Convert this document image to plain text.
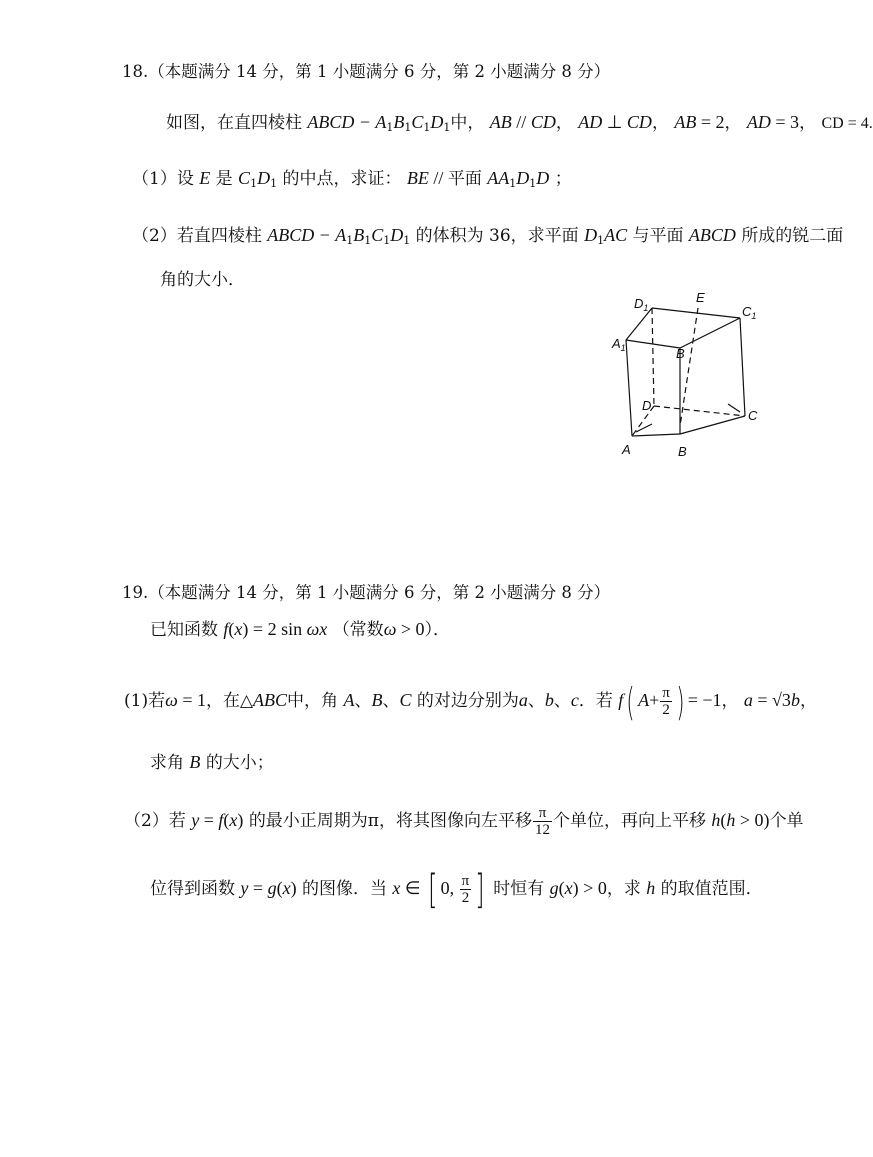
18.（本题满分 14 分，第 1 小题满分 6 分，第 2 小题满分 8 分）
如图，在直四棱柱 ABCD − $A_1B_1C_1D_1$中， AB // CD， AD ⊥ CD， AB = 2， AD = 3， CD = 4.
（1）设 E 是 $C_1D_1$ 的中点，求证： BE // 平面 $AA_1D_1D$ ；
（2）若直四棱柱 ABCD − $A_1B_1C_1D_1$ 的体积为 36，求平面 $D_1AC$ 与平面 ABCD 所成的锐二面
角的大小．
$D_1$
E
$C_1$
$A_1$	B
D
C
A	B
19.（本题满分 14 分，第 1 小题满分 6 分，第 2 小题满分 8 分）
已知函数 f(x) = 2 sin ωx （常数ω > 0）．
(1)若ω = 1，在△ABC中，角 A、B、C 的对边分别为a、b、c．若 f( $A+ \frac{\pi}{2}$ ) = −1， a = √3b，
求角 B 的大小；
（2）若 y = f(x) 的最小正周期为π，将其图像向左平移 $\frac{\pi}{12}$ 个单位，再向上平移 h(h > 0)个单
位得到函数 y = g(x) 的图像．当 x ∈ [ 0, $\frac{\pi}{2}$ ] 时恒有 g(x) > 0，求 h 的取值范围．
